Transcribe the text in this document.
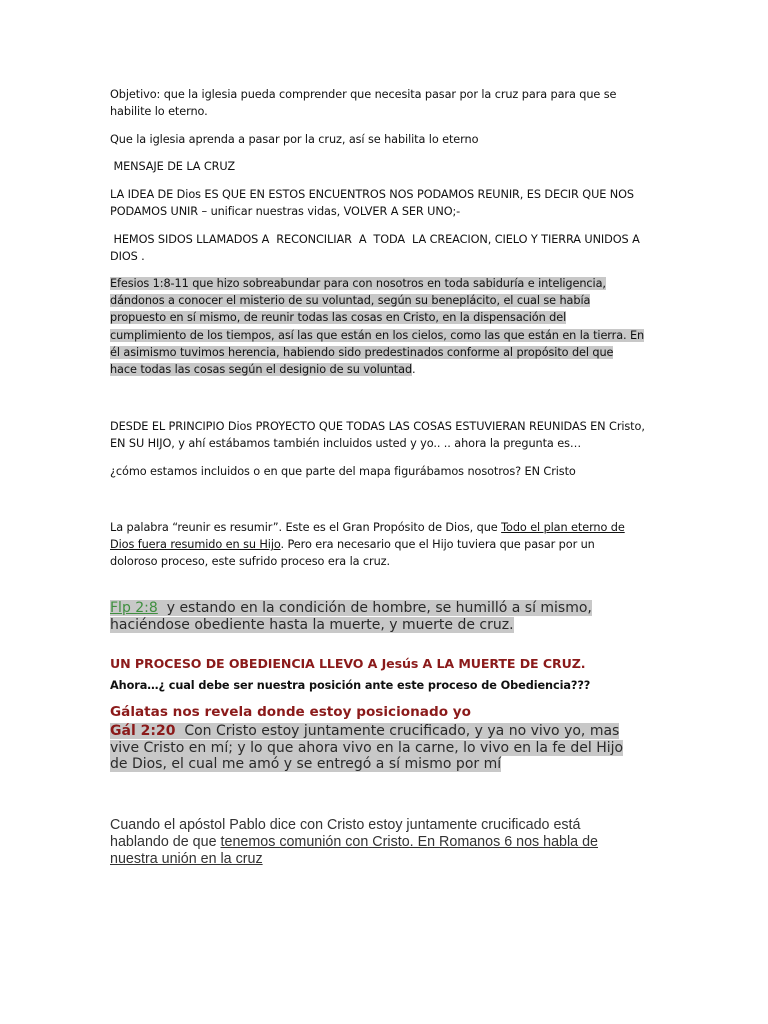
Objetivo: que la iglesia pueda comprender que necesita pasar por la cruz para para que se
habilite lo eterno.

Que la iglesia aprenda a pasar por la cruz, así se habilita lo eterno

MENSAJE DE LA CRUZ

LA IDEA DE Dios ES QUE EN ESTOS ENCUENTROS NOS PODAMOS REUNIR, ES DECIR QUE NOS
PODAMOS UNIR – unificar nuestras vidas, VOLVER A SER UNO;-

HEMOS SIDOS LLAMADOS A  RECONCILIAR  A  TODA  LA CREACION, CIELO Y TIERRA UNIDOS A
DIOS .

Efesios 1:8-11 que hizo sobreabundar para con nosotros en toda sabiduría e inteligencia,
dándonos a conocer el misterio de su voluntad, según su beneplácito, el cual se había
propuesto en sí mismo, de reunir todas las cosas en Cristo, en la dispensación del
cumplimiento de los tiempos, así las que están en los cielos, como las que están en la tierra. En
él asimismo tuvimos herencia, habiendo sido predestinados conforme al propósito del que
hace todas las cosas según el designio de su voluntad.

DESDE EL PRINCIPIO Dios PROYECTO QUE TODAS LAS COSAS ESTUVIERAN REUNIDAS EN Cristo,
EN SU HIJO, y ahí estábamos también incluidos usted y yo.. .. ahora la pregunta es…

¿cómo estamos incluidos o en que parte del mapa figurábamos nosotros? EN Cristo

La palabra “reunir es resumir”. Este es el Gran Propósito de Dios, que Todo el plan eterno de
Dios fuera resumido en su Hijo. Pero era necesario que el Hijo tuviera que pasar por un
doloroso proceso, este sufrido proceso era la cruz.

Flp 2:8  y estando en la condición de hombre, se humilló a sí mismo,
haciéndose obediente hasta la muerte, y muerte de cruz.

UN PROCESO DE OBEDIENCIA LLEVO A Jesús A LA MUERTE DE CRUZ.

Ahora…¿ cual debe ser nuestra posición ante este proceso de Obediencia???

Gálatas nos revela donde estoy posicionado yo

Gál 2:20  Con Cristo estoy juntamente crucificado, y ya no vivo yo, mas
vive Cristo en mí; y lo que ahora vivo en la carne, lo vivo en la fe del Hijo
de Dios, el cual me amó y se entregó a sí mismo por mí

Cuando el apóstol Pablo dice con Cristo estoy juntamente crucificado está
hablando de que tenemos comunión con Cristo. En Romanos 6 nos habla de
nuestra unión en la cruz
